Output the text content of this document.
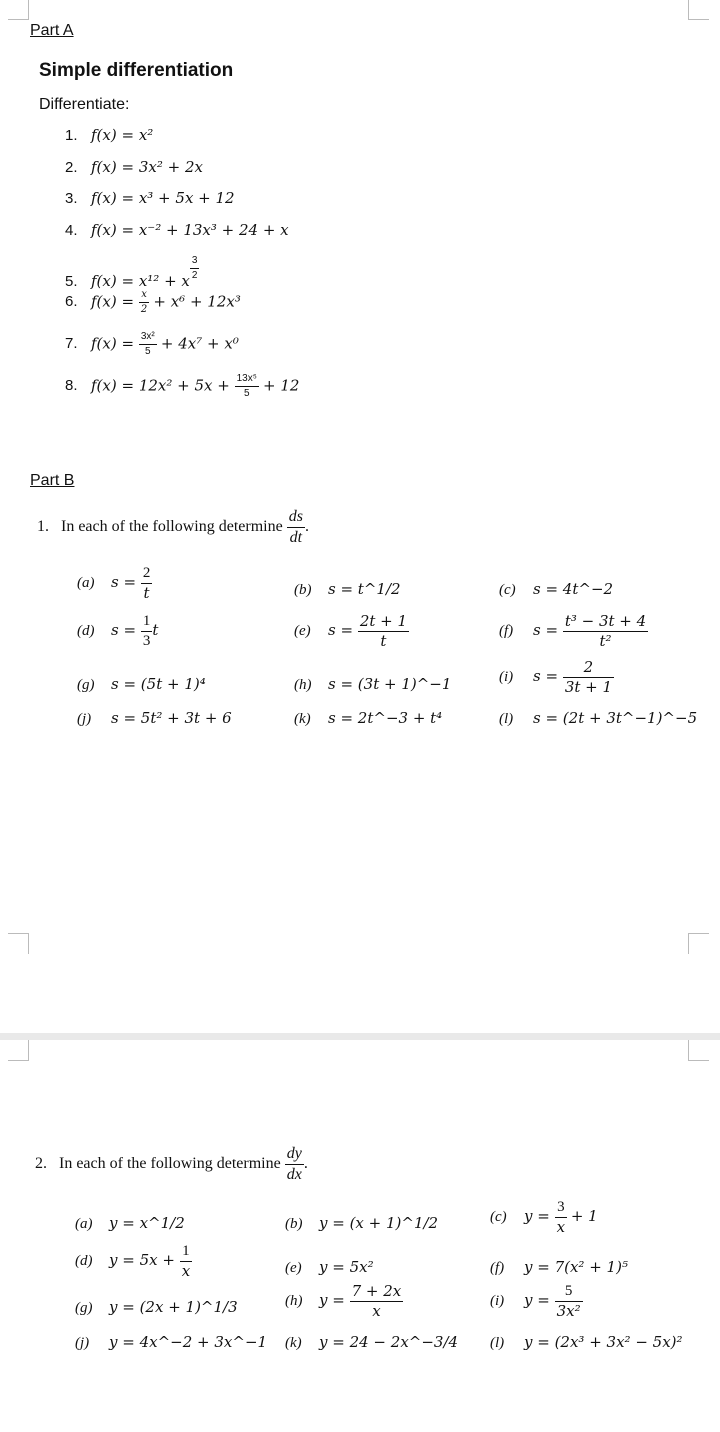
Part A
Simple differentiation
Differentiate:
1. f(x) = x²
2. f(x) = 3x² + 2x
3. f(x) = x³ + 5x + 12
4. f(x) = x⁻² + 13x³ + 24 + x
5. f(x) = x¹² + x $\frac{3}{2}$
6. $f(x) = \frac{x}{2} + x^6 + 12x^3$
7. $f(x) = \frac{\text{3x²}}{5} + 4x^7 + x^0$
8. $f(x) = 12x^2 + 5x + \frac{\text{13x⁵}}{5} + 12$
Part B
1. In each of the following determine $\frac{ds}{dt}$ .
(a) $s = \frac{2}{t}$	(b) s = t^1/2	(c) s = 4t^−2
(d) $s = \frac{1}{3}$ t	(e) $s = \frac{2t + 1}{t}$	(f) $s = \frac{\text{t³ − 3t + 4}}{\text{t²}}$
(g) s = (5t + 1)⁴	(h) s = (3t + 1)^−1	(i) $s = \frac{2}{3t + 1}$
(j) s = 5t² + 3t + 6	(k) s = 2t^−3 + t⁴	(l) s = (2t + 3t^−1)^−5
2. In each of the following determine $\frac{dy}{dx}$ .
(a) y = x^1/2	(b) y = (x + 1)^1/2	(c) $y = \frac{3}{x} + 1$
(d) $y = 5x + \frac{1}{x}$	(e) y = 5x²	(f) y = 7(x² + 1)⁵
(g) y = (2x + 1)^1/3	(h) $y = \frac{7 + 2x}{x}$	(i) $y = \frac{5}{\text{3x²}}$
(j) y = 4x^−2 + 3x^−1 (k) y = 24 − 2x^−3/4 (l) y = (2x³ + 3x² − 5x)²
